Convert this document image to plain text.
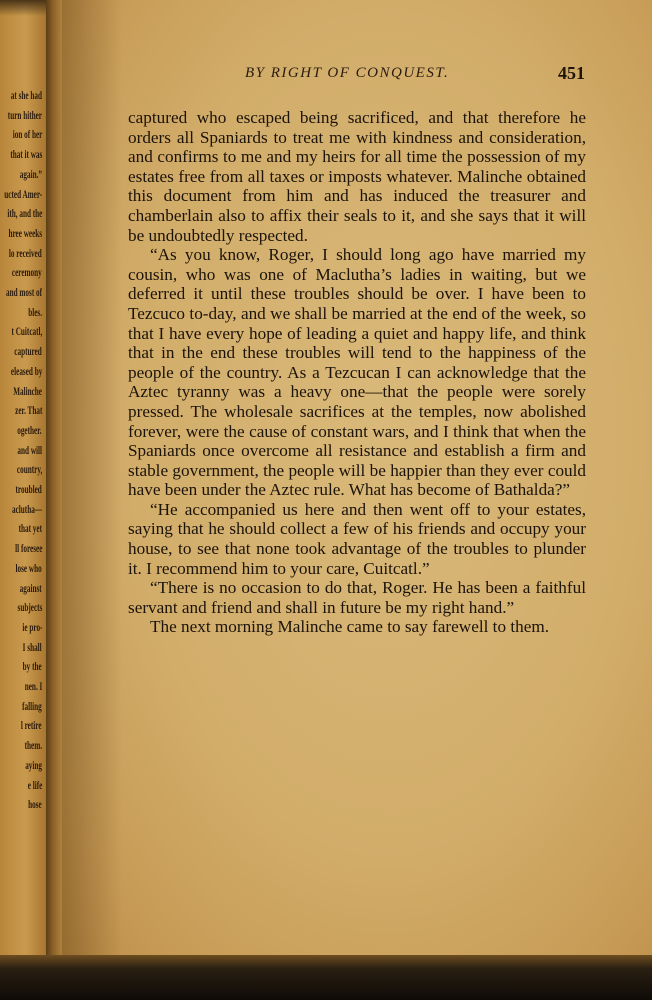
at she had
turn hither
ion of her
that it was
again.”
ucted Amer-
ith, and the
hree weeks
lo received
ceremony
and most of
bles.
t Cuitcatl,
captured
eleased by
Malinche
zer. That
ogether.
and will
country,
troubled
aclutha—
that yet
ll foresee
lose who
against
subjects
ie pro-
I shall
by the
nen. I
falling
l retire
them.
aying
e life
hose
BY RIGHT OF CONQUEST.	451

captured who escaped being sacrificed, and that therefore he orders all Spaniards to treat me with kindness and consideration, and confirms to me and my heirs for all time the possession of my estates free from all taxes or imposts whatever. Malinche obtained this document from him and has induced the treasurer and chamberlain also to affix their seals to it, and she says that it will be undoubtedly respected.

“As you know, Roger, I should long ago have married my cousin, who was one of Maclutha’s ladies in waiting, but we deferred it until these troubles should be over. I have been to Tezcuco to-day, and we shall be married at the end of the week, so that I have every hope of leading a quiet and happy life, and think that in the end these troubles will tend to the happiness of the people of the country. As a Tezcucan I can acknowledge that the Aztec tyranny was a heavy one—that the people were sorely pressed. The wholesale sacrifices at the temples, now abolished forever, were the cause of constant wars, and I think that when the Spaniards once overcome all resistance and establish a firm and stable government, the people will be happier than they ever could have been under the Aztec rule. What has become of Bathalda?”

“He accompanied us here and then went off to your estates, saying that he should collect a few of his friends and occupy your house, to see that none took advantage of the troubles to plunder it. I recommend him to your care, Cuitcatl.”

“There is no occasion to do that, Roger. He has been a faithful servant and friend and shall in future be my right hand.”

The next morning Malinche came to say farewell to them.
